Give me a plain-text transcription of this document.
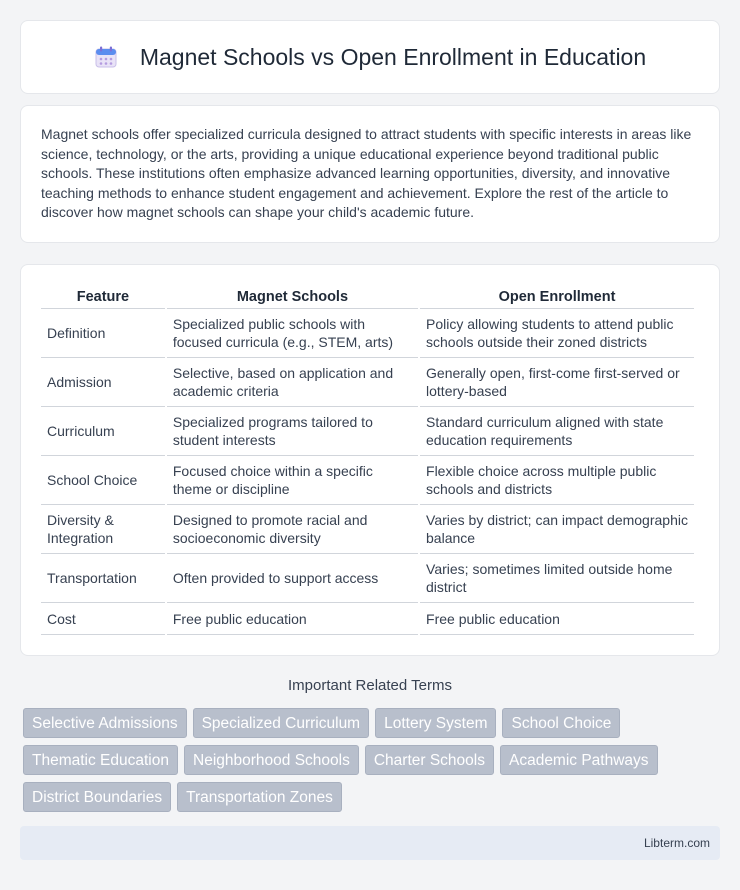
Magnet Schools vs Open Enrollment in Education

Magnet schools offer specialized curricula designed to attract students with specific interests in areas like science, technology, or the arts, providing a unique educational experience beyond traditional public schools. These institutions often emphasize advanced learning opportunities, diversity, and innovative teaching methods to enhance student engagement and achievement. Explore the rest of the article to discover how magnet schools can shape your child's academic future.

Feature	Magnet Schools	Open Enrollment
Definition	Specialized public schools with focused curricula (e.g., STEM, arts)	Policy allowing students to attend public schools outside their zoned districts
Admission	Selective, based on application and academic criteria	Generally open, first-come first-served or lottery-based
Curriculum	Specialized programs tailored to student interests	Standard curriculum aligned with state education requirements
School Choice	Focused choice within a specific theme or discipline	Flexible choice across multiple public schools and districts
Diversity & Integration	Designed to promote racial and socioeconomic diversity	Varies by district; can impact demographic balance
Transportation	Often provided to support access	Varies; sometimes limited outside home district
Cost	Free public education	Free public education
Important Related Terms
Selective Admissions	Specialized Curriculum	Lottery System	School Choice
Thematic Education	Neighborhood Schools	Charter Schools	Academic Pathways
District Boundaries	Transportation Zones
Libterm.com
